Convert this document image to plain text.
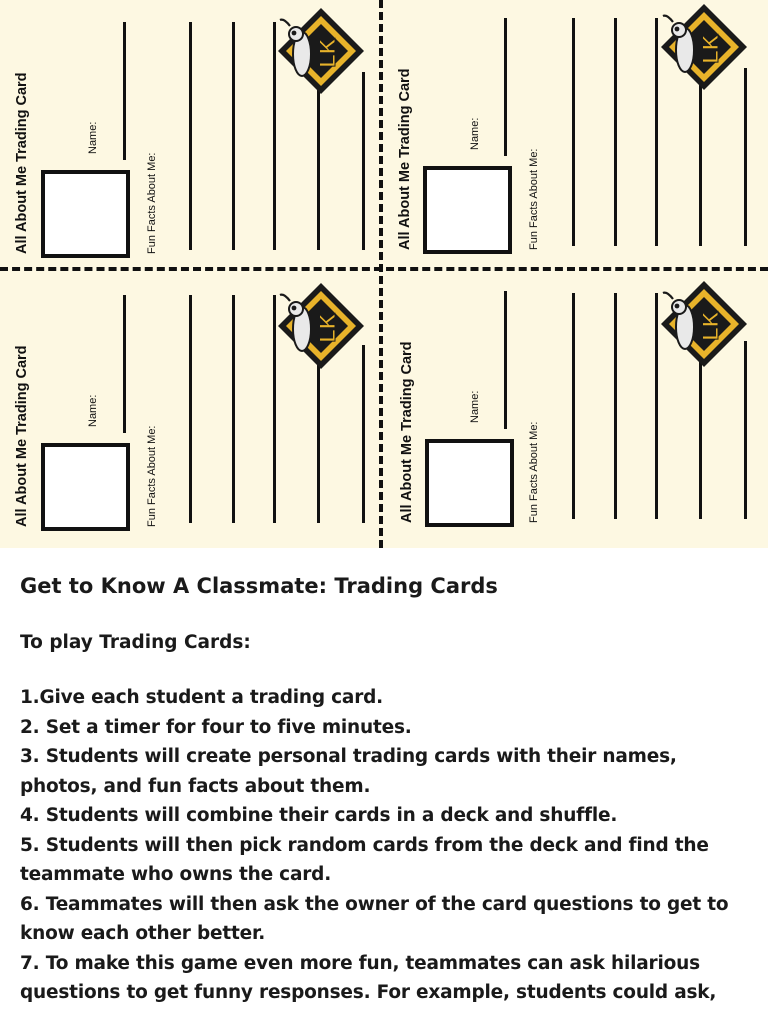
All About Me Trading Card	Name:
Fun Facts About Me:
LK
All About Me Trading Card	Name:
Fun Facts About Me:
LK
All About Me Trading Card	Name:
Fun Facts About Me:
LK
All About Me Trading Card	Name:
Fun Facts About Me:
LK
Get to Know A Classmate: Trading Cards
To play Trading Cards:
1.Give each student a trading card.
2. Set a timer for four to five minutes.
3. Students will create personal trading cards with their names, photos, and fun facts about them.
4. Students will combine their cards in a deck and shuffle.
5. Students will then pick random cards from the deck and find the teammate who owns the card.
6. Teammates will then ask the owner of the card questions to get to know each other better.
7. To make this game even more fun, teammates can ask hilarious questions to get funny responses. For example, students could ask,
